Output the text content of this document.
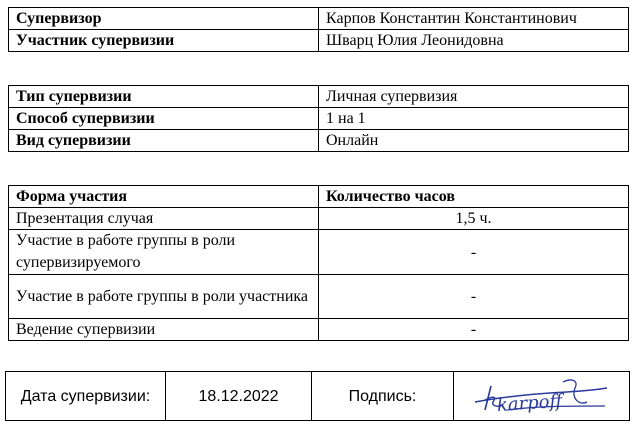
Супервизор	Карпов Константин Константинович
Участник супервизии	Шварц Юлия Леонидовна
Тип супервизии	Личная супервизия
Способ супервизии	1 на 1
Вид супервизии	Онлайн
Форма участия	Количество часов
Презентация случая	1,5 ч.
Участие в работе группы в роли супервизируемого	-
Участие в работе группы в роли участника	-
Ведение супервизии	-
Дата супервизии:	18.12.2022	Подпись:	karpoff
